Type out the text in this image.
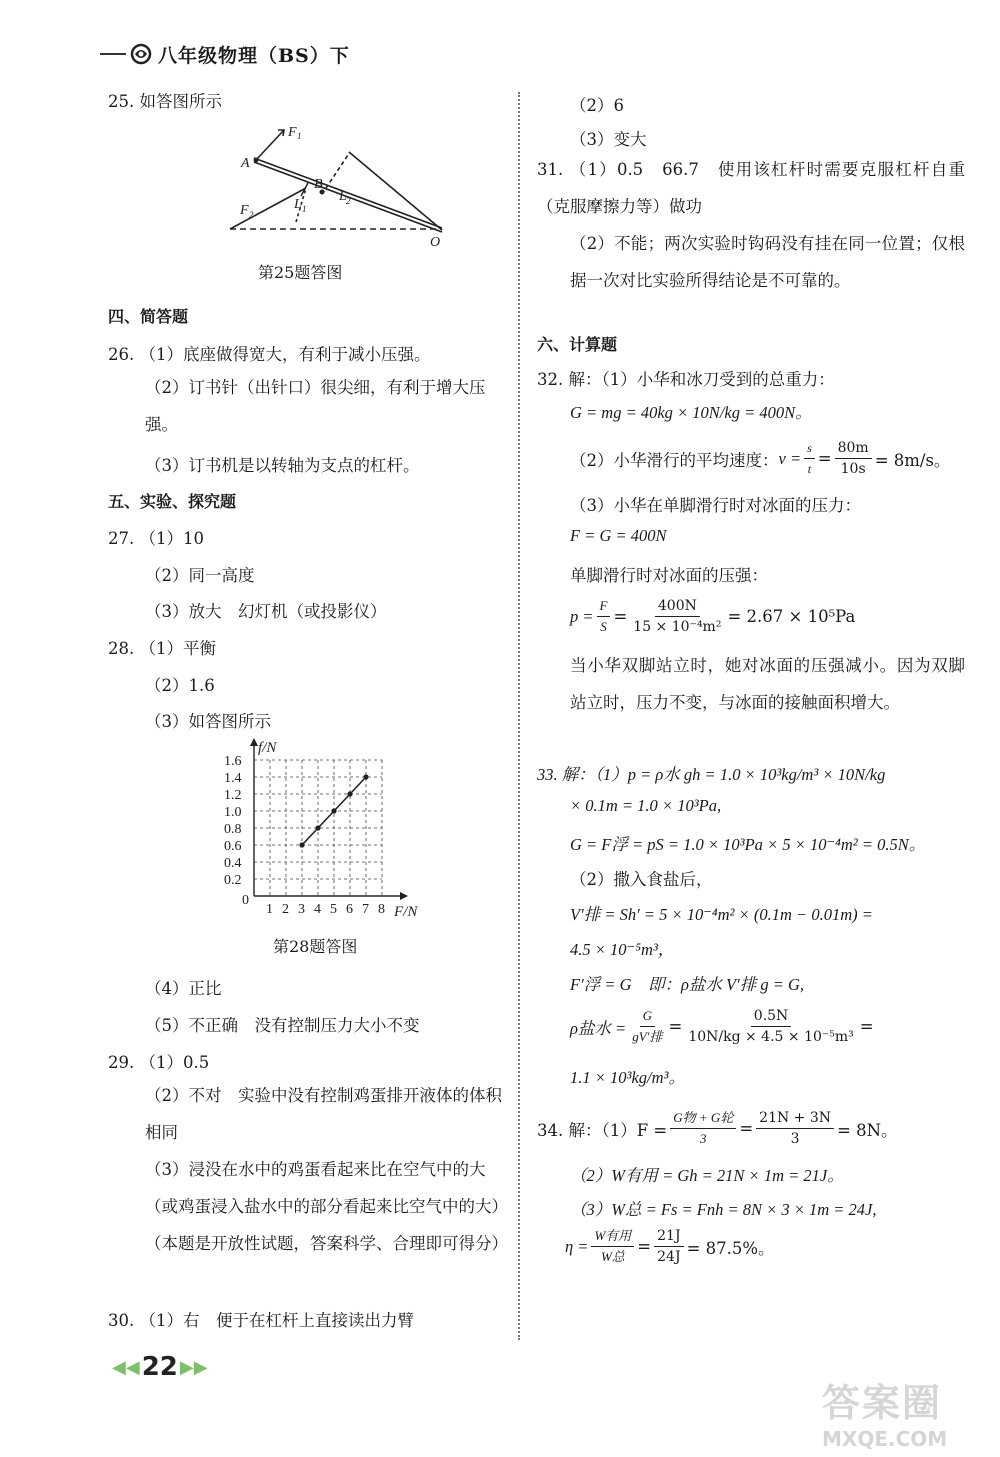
八年级物理（BS）下
25. 如答图所示
F 1
A
B
L 2
F 2
L 1
O
第25题答图
四、简答题
26. （1）底座做得宽大，有利于减小压强。
（2）订书针（出针口）很尖细，有利于增大压强。
（3）订书机是以转轴为支点的杠杆。
五、实验、探究题
27. （1）10
（2）同一高度
（3）放大　幻灯机（或投影仪）
28. （1）平衡
（2）1.6
（3）如答图所示
1 2 3 4 5 6 7 8
0.2
0.4
0.6
0.8
1.0
1.2
1.4
1.6
0
f/N
F/N
第28题答图
（4）正比
（5）不正确　没有控制压力大小不变
29. （1）0.5
（2）不对　实验中没有控制鸡蛋排开液体的体积相同
（3）浸没在水中的鸡蛋看起来比在空气中的大（或鸡蛋浸入盐水中的部分看起来比空气中的大）（本题是开放性试题，答案科学、合理即可得分）
30. （1）右　便于在杠杆上直接读出力臂
（2）6
（3）变大
31. （1）0.5　66.7　使用该杠杆时需要克服杠杆自重（克服摩擦力等）做功
（2）不能；两次实验时钩码没有挂在同一位置；仅根据一次对比实验所得结论是不可靠的。
六、计算题
32. 解：（1）小华和冰刀受到的总重力：
G = mg = 40kg × 10N/kg = 400N。
（2）小华滑行的平均速度： $v = \frac{s}{t} = \frac{80m}{10s} = 8m/s$。
（3）小华在单脚滑行时对冰面的压力：
F = G = 400N
单脚滑行时对冰面的压强：
$p = \frac{F}{S} = \frac{400N}{\text{15 × 10⁻⁴m²}} = 2.67 \times 10^5Pa$
当小华双脚站立时，她对冰面的压强减小。因为双脚站立时，压力不变，与冰面的接触面积增大。
33. 解：（1）p = ρ水 gh = 1.0 × 10³kg/m³ × 10N/kg
× 0.1m = 1.0 × 10³Pa,
G = F浮 = pS = 1.0 × 10³Pa × 5 × 10⁻⁴m² = 0.5N。
（2）撒入食盐后，
V′排 = Sh′ = 5 × 10⁻⁴m² × (0.1m − 0.01m) =
4.5 × 10⁻⁵m³，
F′浮 = G　即：ρ盐水 V′排 g = G,
ρ盐水 = $\frac{G}{\text{gV′排}} = \frac{0.5N}{\text{10N/kg × 4.5 × 10⁻⁵m³}}$ =
1.1 × 10³kg/m³。
34. 解：$(1)F = \frac{\text{G物 + G轮}}{3} = \frac{21N + 3N}{3} = 8N$。
（2）W有用 = Gh = 21N × 1m = 21J。
（3）W总 = Fs = Fnh = 8N × 3 × 1m = 24J,
$\eta = \frac{\text{W有用}}{\text{W总}} = \frac{21J}{24J} = 87.5\%$。
◀◀ 22 ▶▶
答案圈
MXQE.COM
